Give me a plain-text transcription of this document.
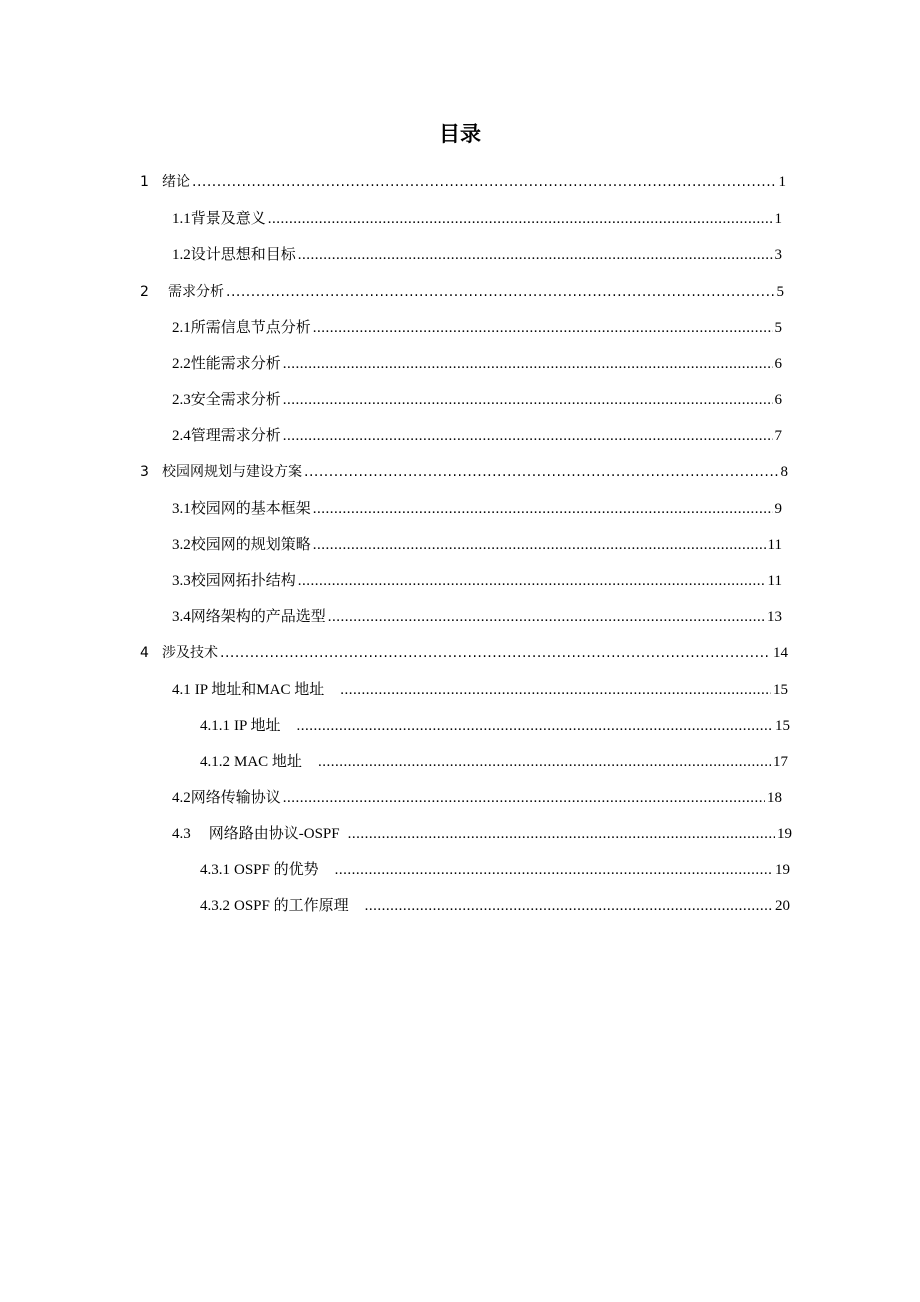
目录
1 绪论 .....	1
1.1 背景及意义 .....	1
1.2 设计思想和目标 .....	3
2	需求分析 .....	5
2.1 所需信息节点分析 .....	5
2.2 性能需求分析 .....	6
2.3 安全需求分析 .....	6
2.4 管理需求分析 .....	7
3 校园网规划与建设方案 .....	8
3.1 校园网的基本框架 .....	9
3.2 校园网的规划策略 .....	11
3.3 校园网拓扑结构 .....	11
3.4 网络架构的产品选型 .....	13
4 涉及技术 .....	14
4.1 IP 地址和MAC 地址 .....	15
4.1.1 IP 地址 .....	15
4.1.2 MAC 地址 .....	17
4.2 网络传输协议 .....	18
4.3 网络路由协议-OSPF .....	19
4.3.1 OSPF 的优势 .....	19
4.3.2 OSPF 的工作原理 .....	20
